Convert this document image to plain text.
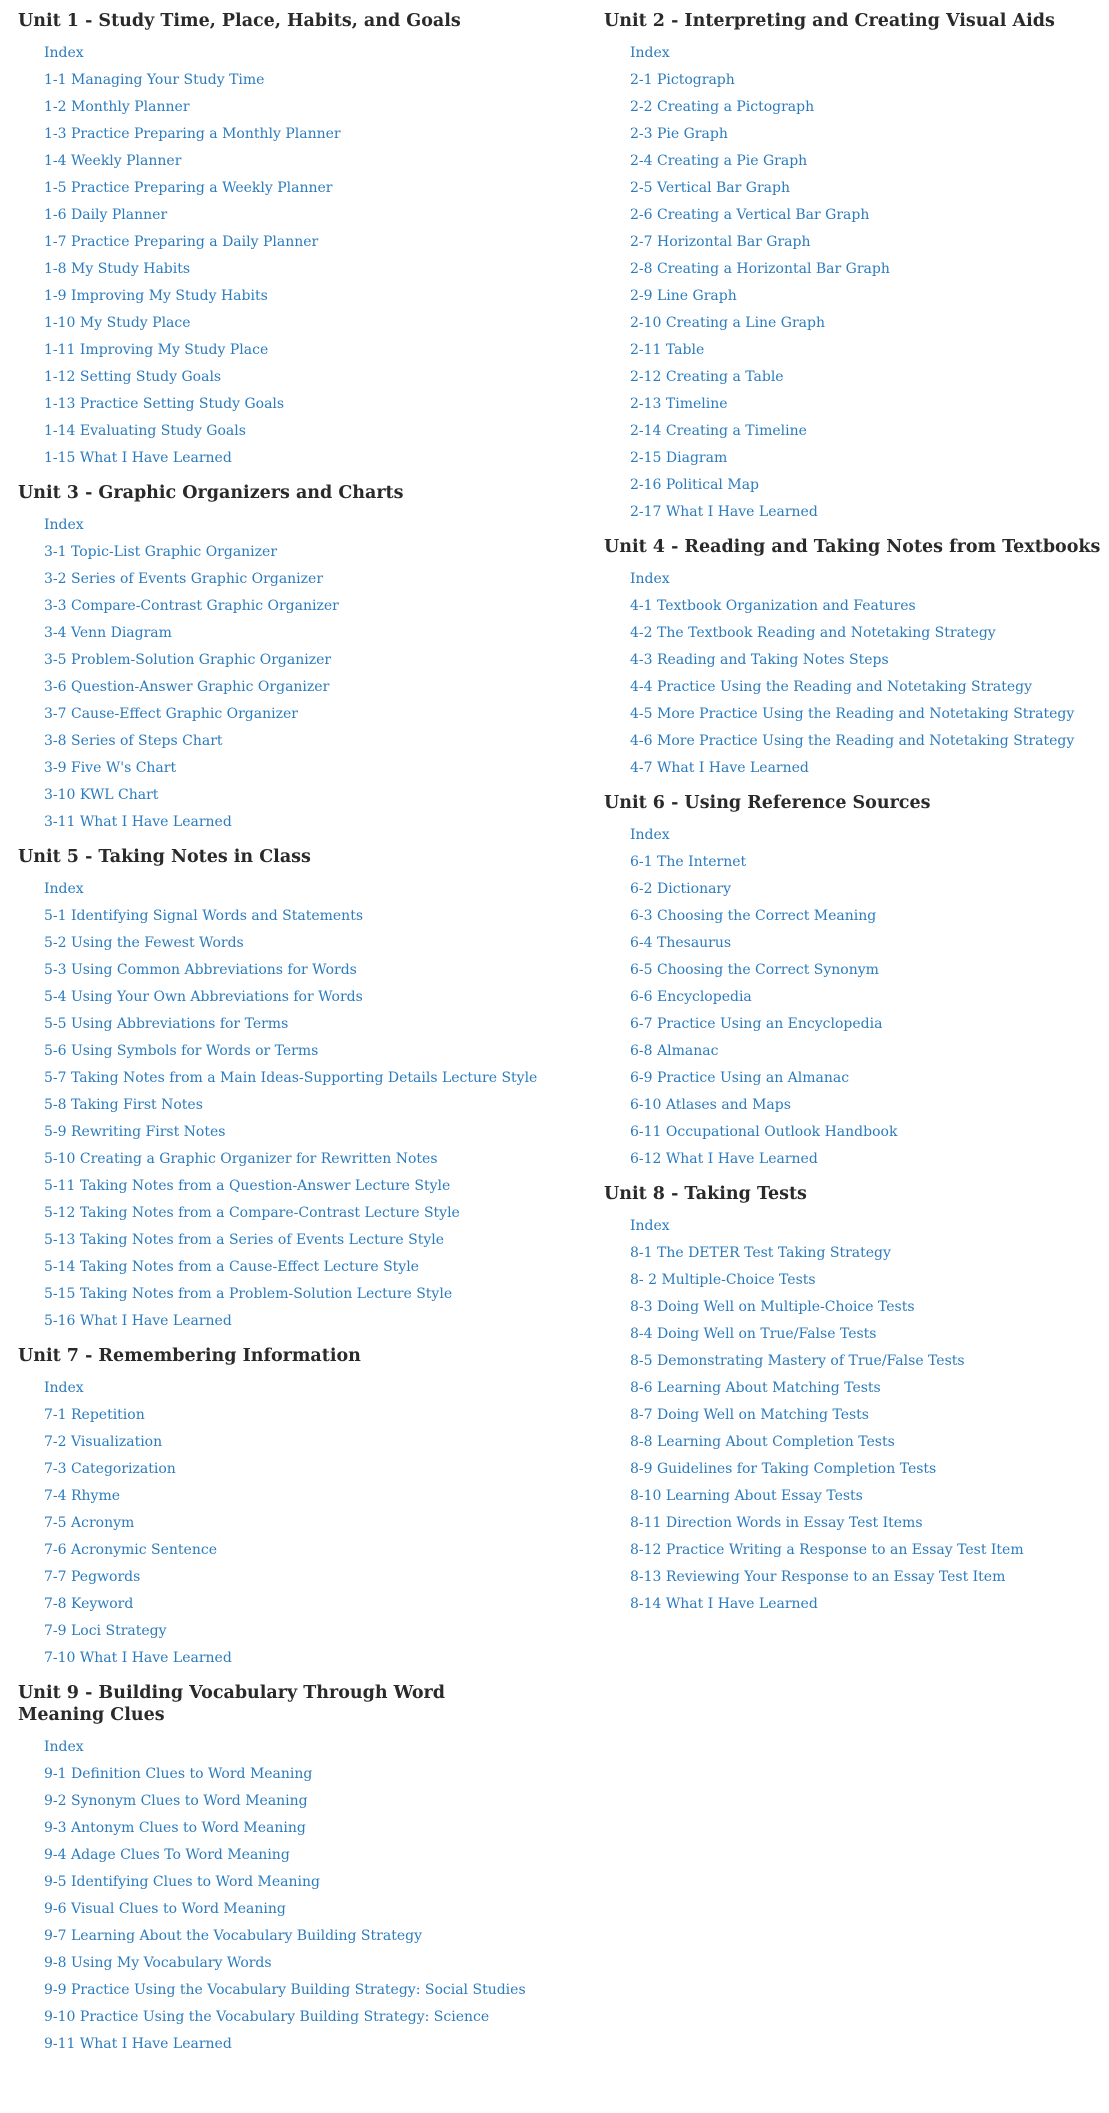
Unit 1 - Study Time, Place, Habits, and Goals
Index
1-1 Managing Your Study Time
1-2 Monthly Planner
1-3 Practice Preparing a Monthly Planner
1-4 Weekly Planner
1-5 Practice Preparing a Weekly Planner
1-6 Daily Planner
1-7 Practice Preparing a Daily Planner
1-8 My Study Habits
1-9 Improving My Study Habits
1-10 My Study Place
1-11 Improving My Study Place
1-12 Setting Study Goals
1-13 Practice Setting Study Goals
1-14 Evaluating Study Goals
1-15 What I Have Learned
Unit 3 - Graphic Organizers and Charts
Index
3-1 Topic-List Graphic Organizer
3-2 Series of Events Graphic Organizer
3-3 Compare-Contrast Graphic Organizer
3-4 Venn Diagram
3-5 Problem-Solution Graphic Organizer
3-6 Question-Answer Graphic Organizer
3-7 Cause-Effect Graphic Organizer
3-8 Series of Steps Chart
3-9 Five W's Chart
3-10 KWL Chart
3-11 What I Have Learned
Unit 5 - Taking Notes in Class
Index
5-1 Identifying Signal Words and Statements
5-2 Using the Fewest Words
5-3 Using Common Abbreviations for Words
5-4 Using Your Own Abbreviations for Words
5-5 Using Abbreviations for Terms
5-6 Using Symbols for Words or Terms
5-7 Taking Notes from a Main Ideas-Supporting Details Lecture Style
5-8 Taking First Notes
5-9 Rewriting First Notes
5-10 Creating a Graphic Organizer for Rewritten Notes
5-11 Taking Notes from a Question-Answer Lecture Style
5-12 Taking Notes from a Compare-Contrast Lecture Style
5-13 Taking Notes from a Series of Events Lecture Style
5-14 Taking Notes from a Cause-Effect Lecture Style
5-15 Taking Notes from a Problem-Solution Lecture Style
5-16 What I Have Learned
Unit 7 - Remembering Information
Index
7-1 Repetition
7-2 Visualization
7-3 Categorization
7-4 Rhyme
7-5 Acronym
7-6 Acronymic Sentence
7-7 Pegwords
7-8 Keyword
7-9 Loci Strategy
7-10 What I Have Learned
Unit 9 - Building Vocabulary Through Word Meaning Clues
Index
9-1 Definition Clues to Word Meaning
9-2 Synonym Clues to Word Meaning
9-3 Antonym Clues to Word Meaning
9-4 Adage Clues To Word Meaning
9-5 Identifying Clues to Word Meaning
9-6 Visual Clues to Word Meaning
9-7 Learning About the Vocabulary Building Strategy
9-8 Using My Vocabulary Words
9-9 Practice Using the Vocabulary Building Strategy: Social Studies
9-10 Practice Using the Vocabulary Building Strategy: Science
9-11 What I Have Learned
Unit 2 - Interpreting and Creating Visual Aids
Index
2-1 Pictograph
2-2 Creating a Pictograph
2-3 Pie Graph
2-4 Creating a Pie Graph
2-5 Vertical Bar Graph
2-6 Creating a Vertical Bar Graph
2-7 Horizontal Bar Graph
2-8 Creating a Horizontal Bar Graph
2-9 Line Graph
2-10 Creating a Line Graph
2-11 Table
2-12 Creating a Table
2-13 Timeline
2-14 Creating a Timeline
2-15 Diagram
2-16 Political Map
2-17 What I Have Learned
Unit 4 - Reading and Taking Notes from Textbooks
Index
4-1 Textbook Organization and Features
4-2 The Textbook Reading and Notetaking Strategy
4-3 Reading and Taking Notes Steps
4-4 Practice Using the Reading and Notetaking Strategy
4-5 More Practice Using the Reading and Notetaking Strategy
4-6 More Practice Using the Reading and Notetaking Strategy
4-7 What I Have Learned
Unit 6 - Using Reference Sources
Index
6-1 The Internet
6-2 Dictionary
6-3 Choosing the Correct Meaning
6-4 Thesaurus
6-5 Choosing the Correct Synonym
6-6 Encyclopedia
6-7 Practice Using an Encyclopedia
6-8 Almanac
6-9 Practice Using an Almanac
6-10 Atlases and Maps
6-11 Occupational Outlook Handbook
6-12 What I Have Learned
Unit 8 - Taking Tests
Index
8-1 The DETER Test Taking Strategy
8- 2 Multiple-Choice Tests
8-3 Doing Well on Multiple-Choice Tests
8-4 Doing Well on True/False Tests
8-5 Demonstrating Mastery of True/False Tests
8-6 Learning About Matching Tests
8-7 Doing Well on Matching Tests
8-8 Learning About Completion Tests
8-9 Guidelines for Taking Completion Tests
8-10 Learning About Essay Tests
8-11 Direction Words in Essay Test Items
8-12 Practice Writing a Response to an Essay Test Item
8-13 Reviewing Your Response to an Essay Test Item
8-14 What I Have Learned
